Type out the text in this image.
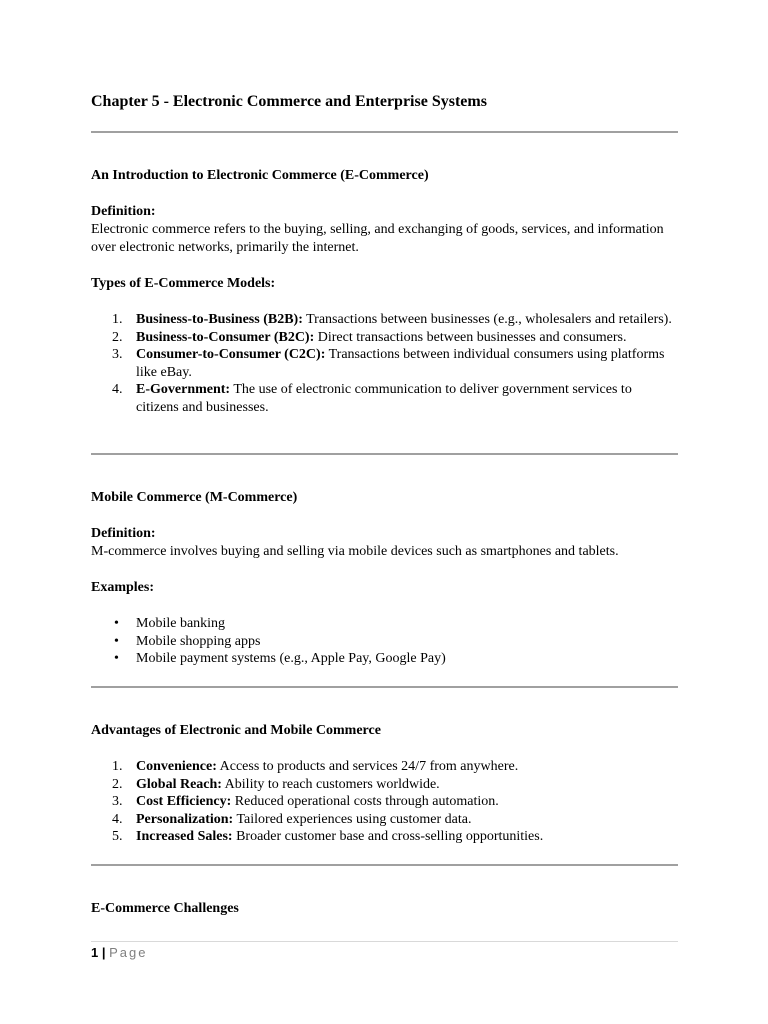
Chapter 5 - Electronic Commerce and Enterprise Systems
An Introduction to Electronic Commerce (E-Commerce)

Definition:

Electronic commerce refers to the buying, selling, and exchanging of goods, services, and information over electronic networks, primarily the internet.

Types of E-Commerce Models:

1. Business-to-Business (B2B): Transactions between businesses (e.g., wholesalers and retailers).
2. Business-to-Consumer (B2C): Direct transactions between businesses and consumers.
3. Consumer-to-Consumer (C2C): Transactions between individual consumers using platforms like eBay.
4. E-Government: The use of electronic communication to deliver government services to citizens and businesses.
Mobile Commerce (M-Commerce)

Definition:

M-commerce involves buying and selling via mobile devices such as smartphones and tablets.

Examples:

• Mobile banking
• Mobile shopping apps
• Mobile payment systems (e.g., Apple Pay, Google Pay)
Advantages of Electronic and Mobile Commerce
1. Convenience: Access to products and services 24/7 from anywhere.
2. Global Reach: Ability to reach customers worldwide.
3. Cost Efficiency: Reduced operational costs through automation.
4. Personalization: Tailored experiences using customer data.
5. Increased Sales: Broader customer base and cross-selling opportunities.
E-Commerce Challenges
1 | Page
